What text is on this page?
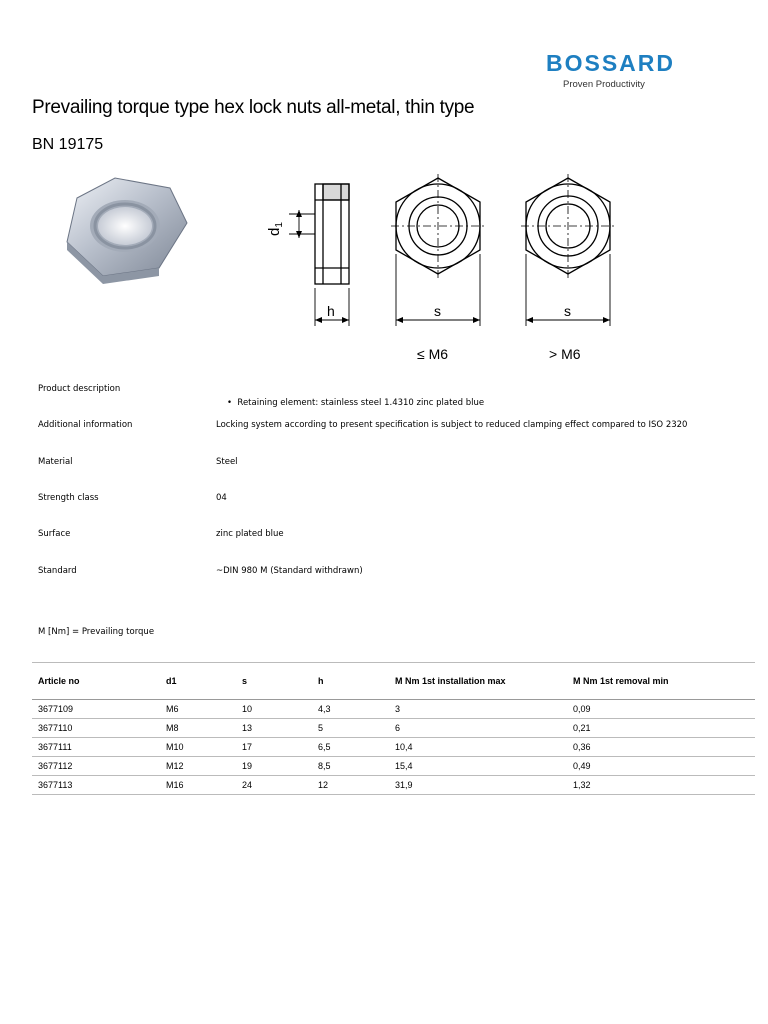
BOSSARD
Proven Productivity
Prevailing torque type hex lock nuts all-metal, thin type
BN 19175
$d_1$
h	s	s
≤ M6	> M6
Product description
•  Retaining element: stainless steel 1.4310 zinc plated blue
Additional information	Locking system according to present specification is subject to reduced clamping effect compared to ISO 2320
Material	Steel
Strength class	04
Surface	zinc plated blue
Standard	~DIN 980 M (Standard withdrawn)
M [Nm] = Prevailing torque
Article no	d1	s	h	M Nm 1st installation max	M Nm 1st removal min
3677109	M6	10	4,3	3	0,09
3677110	M8	13	5	6	0,21
3677111	M10	17	6,5	10,4	0,36
3677112	M12	19	8,5	15,4	0,49
3677113	M16	24	12	31,9	1,32
